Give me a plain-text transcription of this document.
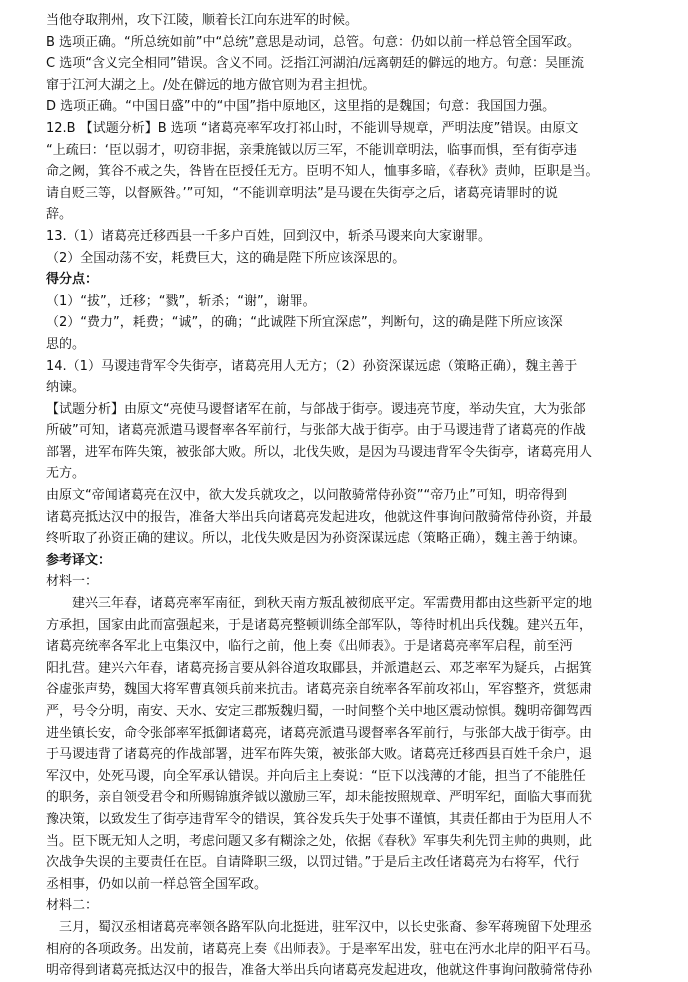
当他夺取荆州，攻下江陵，顺着长江向东进军的时候。
B 选项正确。“所总统如前”中“总统”意思是动词，总管。句意：仍如以前一样总管全国军政。
C 选项“含义完全相同”错误。含义不同。泛指江河湖泊/远离朝廷的僻远的地方。句意：吴匪流
窜于江河大湖之上。/处在僻远的地方做官则为君主担忧。
D 选项正确。“中国日盛”中的“中国”指中原地区，这里指的是魏国；句意：我国国力强。
12.B 【试题分析】B 选项 “诸葛亮率军攻打祁山时，不能训导规章，严明法度”错误。由原文
“上疏曰：‘臣以弱才，叨窃非据，亲秉旄钺以厉三军，不能训章明法，临事而惧，至有街亭违
命之阙，箕谷不戒之失，咎皆在臣授任无方。臣明不知人，恤事多暗，《春秋》责帅，臣职是当。
请自贬三等，以督厥咎。’”可知，“不能训章明法”是马谡在失街亭之后，诸葛亮请罪时的说
辞。
13.（1）诸葛亮迁移西县一千多户百姓，回到汉中，斩杀马谡来向大家谢罪。
（2）全国动荡不安，耗费巨大，这的确是陛下所应该深思的。
得分点：
（1）“拔”，迁移；“戮”，斩杀；“谢”，谢罪。
（2）“费力”，耗费；“诚”，的确；“此诚陛下所宜深虑”，判断句，这的确是陛下所应该深
思的。
14.（1）马谡违背军令失街亭，诸葛亮用人无方；（2）孙资深谋远虑（策略正确），魏主善于
纳谏。
【试题分析】由原文“亮使马谡督诸军在前，与郃战于街亭。谡违亮节度，举动失宜，大为张郃
所破”可知，诸葛亮派遣马谡督率各军前行，与张郃大战于街亭。由于马谡违背了诸葛亮的作战
部署，进军布阵失策，被张郃大败。所以，北伐失败，是因为马谡违背军令失街亭，诸葛亮用人
无方。
由原文“帝闻诸葛亮在汉中，欲大发兵就攻之，以问散骑常侍孙资”“帝乃止”可知，明帝得到
诸葛亮抵达汉中的报告，准备大举出兵向诸葛亮发起进攻，他就这件事询问散骑常侍孙资，并最
终听取了孙资正确的建议。所以，北伐失败是因为孙资深谋远虑（策略正确），魏主善于纳谏。
参考译文：
材料一：
建兴三年春，诸葛亮率军南征，到秋天南方叛乱被彻底平定。军需费用都由这些新平定的地
方承担，国家由此而富强起来，于是诸葛亮整顿训练全部军队，等待时机出兵伐魏。建兴五年，
诸葛亮统率各军北上屯集汉中，临行之前，他上奏《出师表》。于是诸葛亮率军启程，前至沔
阳扎营。建兴六年春，诸葛亮扬言要从斜谷道攻取郿县，并派遣赵云、邓芝率军为疑兵，占据箕
谷虚张声势，魏国大将军曹真领兵前来抗击。诸葛亮亲自统率各军前攻祁山，军容整齐，赏惩肃
严，号令分明，南安、天水、安定三郡叛魏归蜀，一时间整个关中地区震动惊惧。魏明帝御驾西
进坐镇长安，命令张郃率军抵御诸葛亮，诸葛亮派遣马谡督率各军前行，与张郃大战于街亭。由
于马谡违背了诸葛亮的作战部署，进军布阵失策，被张郃大败。诸葛亮迁移西县百姓千余户，退
军汉中，处死马谡，向全军承认错误。并向后主上奏说：“臣下以浅薄的才能，担当了不能胜任
的职务，亲自领受君令和所赐锦旗斧钺以激励三军，却未能按照规章、严明军纪，面临大事而犹
豫决策，以致发生了街亭违背军令的错误，箕谷发兵失于处事不谨慎，其责任都由于为臣用人不
当。臣下既无知人之明，考虑问题又多有糊涂之处，依据《春秋》军事失利先罚主帅的典则，此
次战争失误的主要责任在臣。自请降职三级，以罚过错。”于是后主改任诸葛亮为右将军，代行
丞相事，仍如以前一样总管全国军政。
材料二：
三月，蜀汉丞相诸葛亮率领各路军队向北挺进，驻军汉中，以长史张裔、参军蒋琬留下处理丞
相府的各项政务。出发前，诸葛亮上奏《出师表》。于是率军出发，驻屯在沔水北岸的阳平石马。
明帝得到诸葛亮抵达汉中的报告，准备大举出兵向诸葛亮发起进攻，他就这件事询问散骑常侍孙
